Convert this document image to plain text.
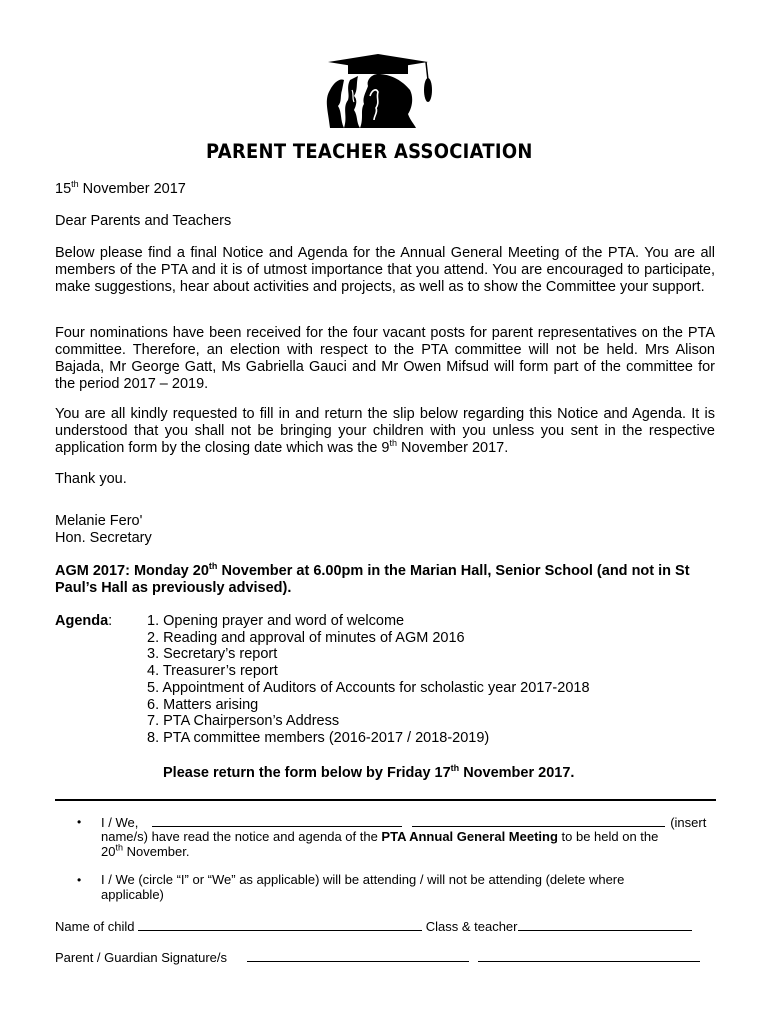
PARENT TEACHER ASSOCIATION

15th November 2017

Dear Parents and Teachers

Below please find a final Notice and Agenda for the Annual General Meeting of the PTA. You are all members of the PTA and it is of utmost importance that you attend. You are encouraged to participate, make suggestions, hear about activities and projects, as well as to show the Committee your support.

Four nominations have been received for the four vacant posts for parent representatives on the PTA committee. Therefore, an election with respect to the PTA committee will not be held. Mrs Alison Bajada, Mr George Gatt, Ms Gabriella Gauci and Mr Owen Mifsud will form part of the committee for the period 2017 – 2019.

You are all kindly requested to fill in and return the slip below regarding this Notice and Agenda. It is understood that you shall not be bringing your children with you unless you sent in the respective application form by the closing date which was the 9th November 2017.

Thank you.

Melanie Fero'

Hon. Secretary

AGM 2017: Monday 20th November at 6.00pm in the Marian Hall, Senior School (and not in St Paul’s Hall as previously advised).

Agenda: 1. Opening prayer and word of welcome
2. Reading and approval of minutes of AGM 2016
3. Secretary’s report
4. Treasurer’s report
5. Appointment of Auditors of Accounts for scholastic year 2017-2018
6. Matters arising
7. PTA Chairperson’s Address
8. PTA committee members (2016-2017 / 2018-2019)
Please return the form below by Friday 17th November 2017.
• I / We,	(insert
name/s) have read the notice and agenda of the PTA Annual General Meeting to be held on the
20th November.
• I / We (circle “I” or “We” as applicable) will be attending / will not be attending (delete where
applicable)
Name of child	Class & teacher
Parent / Guardian Signature/s
